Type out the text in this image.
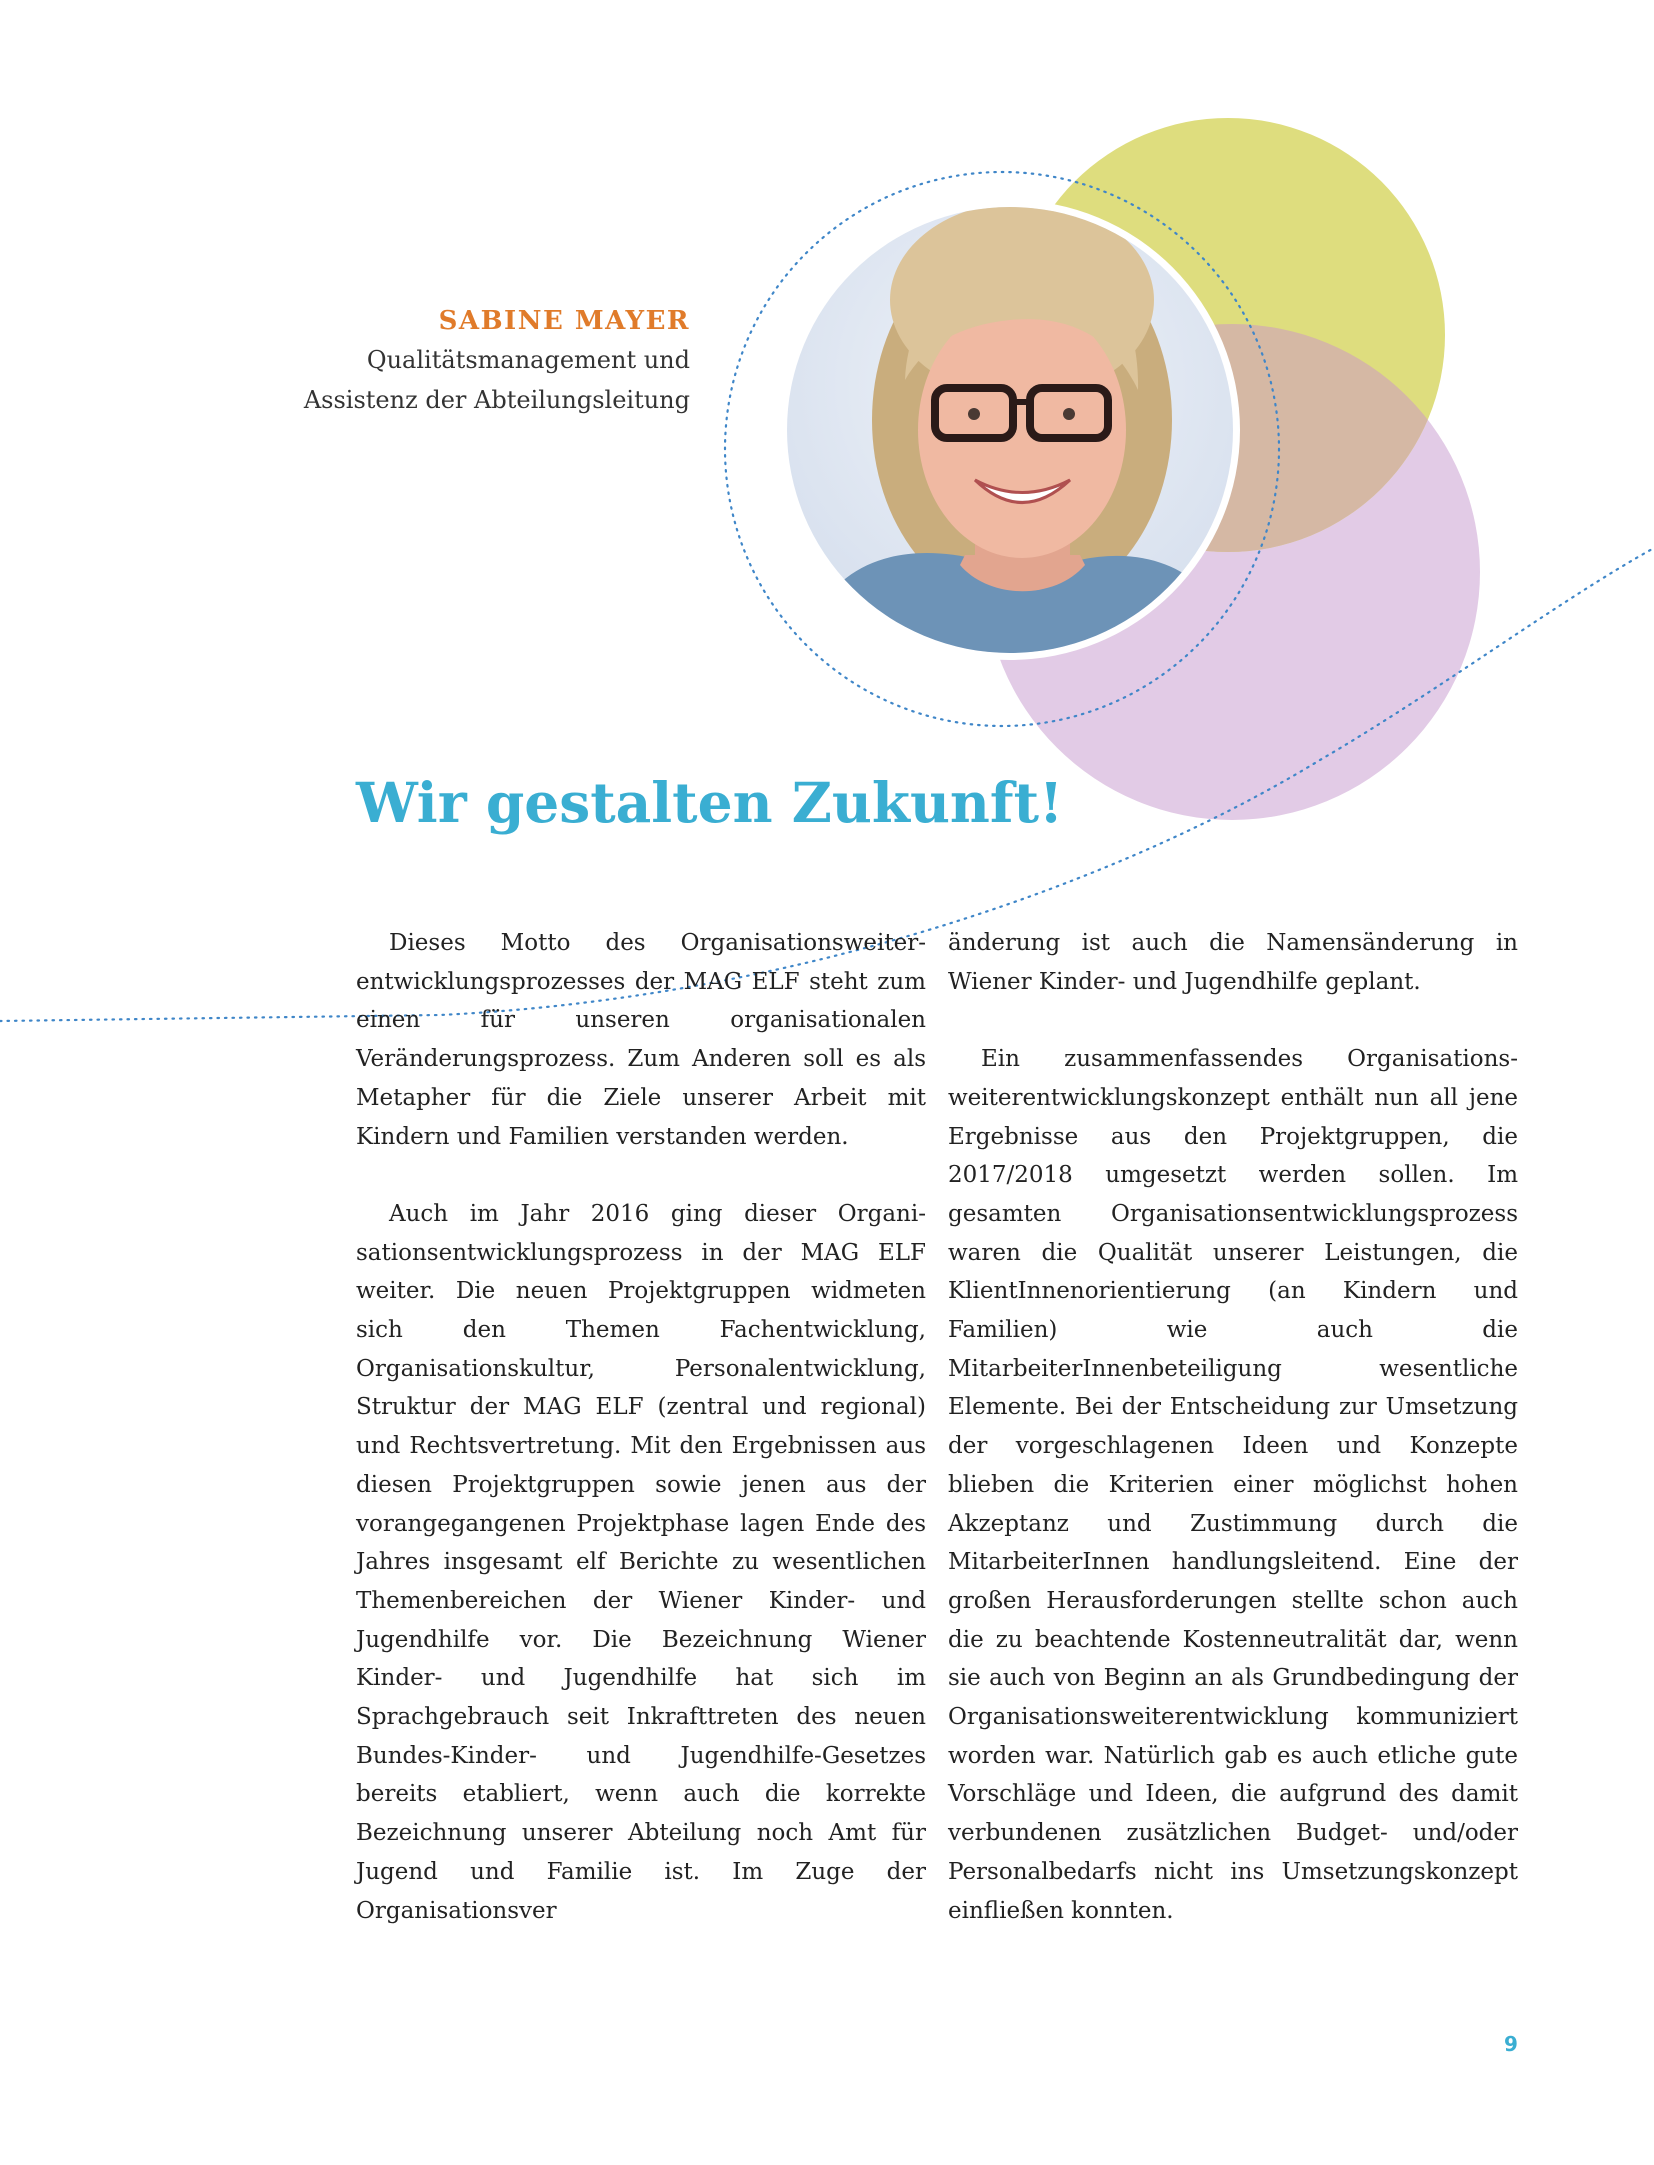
SABINE MAYER
Qualitätsmanagement und
Assistenz der Abteilungsleitung
Wir gestalten Zukunft!

Dieses Motto des Organisationsweiterentwicklungsprozesses der MAG ELF steht zum einen für unseren organisationalen Veränderungsprozess. Zum Anderen soll es als Metapher für die Ziele unserer Arbeit mit Kindern und Familien verstanden werden.

Auch im Jahr 2016 ging dieser Organisationsentwicklungsprozess in der MAG ELF weiter. Die neuen Projektgruppen widmeten sich den Themen Fachentwicklung, Organisationskultur, Personalentwicklung, Struktur der MAG ELF (zentral und regional) und Rechtsvertretung. Mit den Ergebnissen aus diesen Projektgruppen sowie jenen aus der vorangegangenen Projektphase lagen Ende des Jahres insgesamt elf Berichte zu wesentlichen Themenbereichen der Wiener Kinder- und Jugendhilfe vor. Die Bezeichnung Wiener Kinder- und Jugendhilfe hat sich im Sprachgebrauch seit Inkrafttreten des neuen Bundes-Kinder- und Jugendhilfe-Gesetzes bereits etabliert, wenn auch die korrekte Bezeichnung unserer Abteilung noch Amt für Jugend und Familie ist. Im Zuge der Organisationsver

änderung ist auch die Namensänderung in Wiener Kinder- und Jugendhilfe geplant.

Ein zusammenfassendes Organisationsweiterentwicklungskonzept enthält nun all jene Ergebnisse aus den Projektgruppen, die 2017/2018 umgesetzt werden sollen. Im gesamten Organisationsentwicklungsprozess waren die Qualität unserer Leistungen, die KlientInnenorientierung (an Kindern und Familien) wie auch die MitarbeiterInnenbeteiligung wesentliche Elemente. Bei der Entscheidung zur Umsetzung der vorgeschlagenen Ideen und Konzepte blieben die Kriterien einer möglichst hohen Akzeptanz und Zustimmung durch die MitarbeiterInnen handlungsleitend. Eine der großen Herausforderungen stellte schon auch die zu beachtende Kostenneutralität dar, wenn sie auch von Beginn an als Grundbedingung der Organisationsweiterentwicklung kommuniziert worden war. Natürlich gab es auch etliche gute Vorschläge und Ideen, die aufgrund des damit verbundenen zusätzlichen Budget- und/oder Personalbedarfs nicht ins Umsetzungskonzept einfließen konnten.

9
